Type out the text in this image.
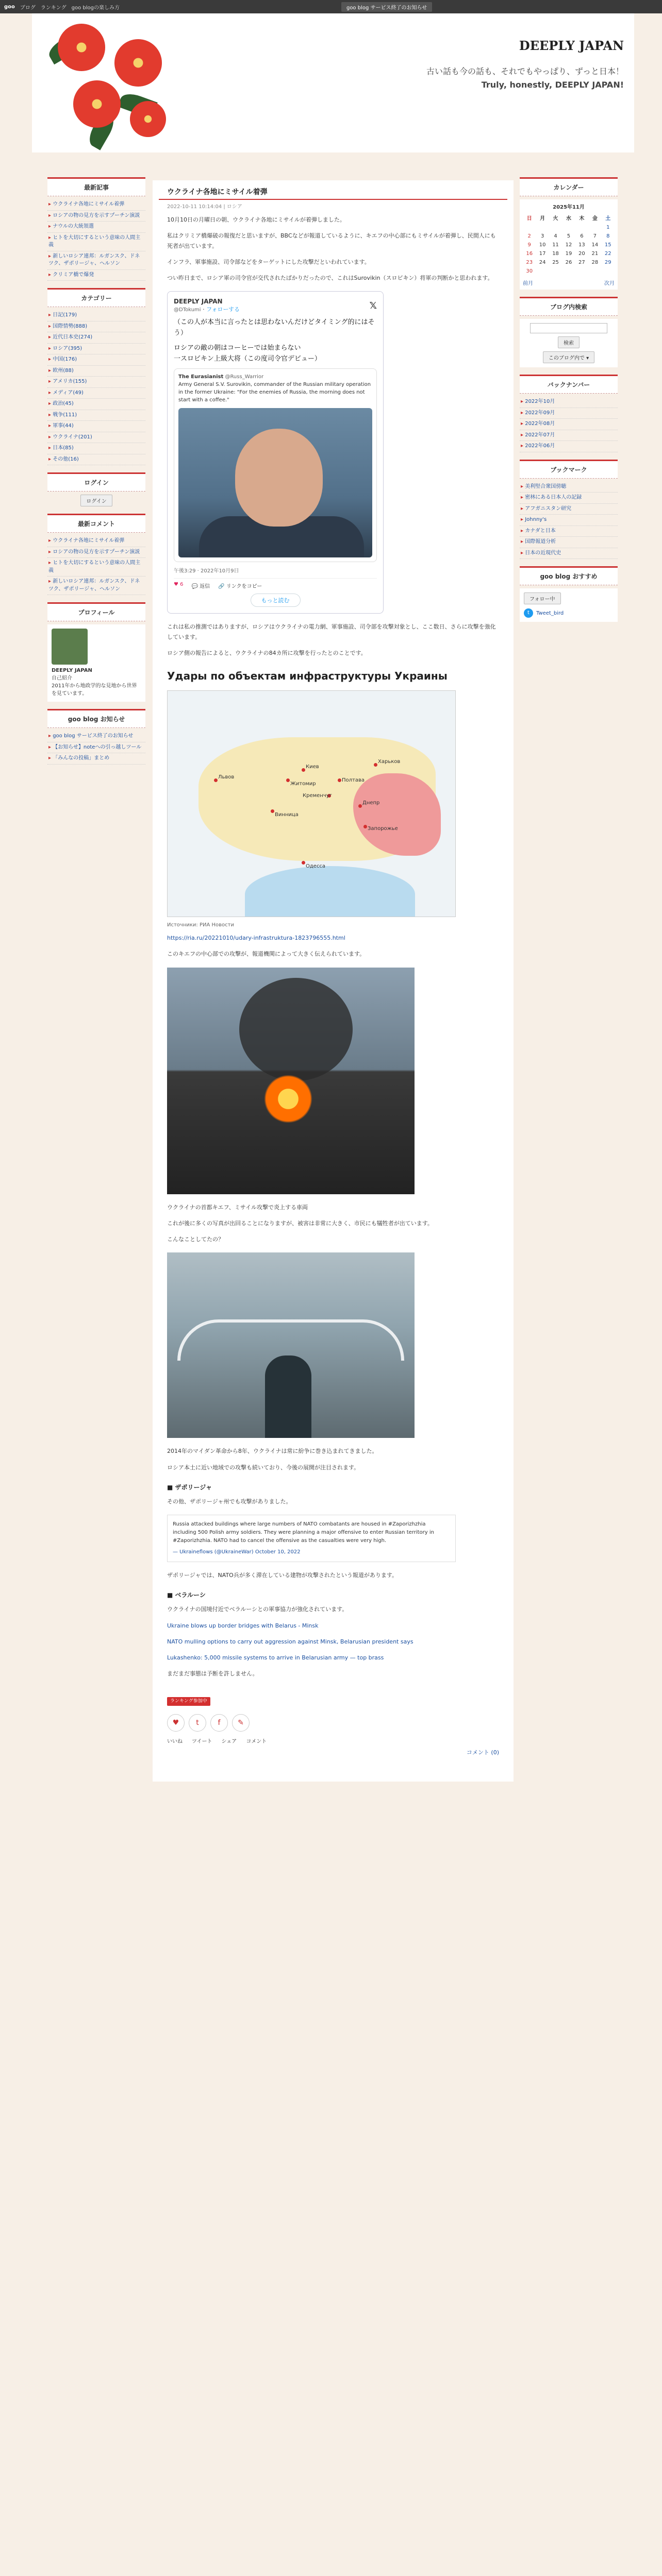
goo ブログ ランキング goo blogの楽しみ方	goo blog サービス終了のお知らせ
DEEPLY JAPAN
古い話も今の話も、それでもやっぱり、ずっと日本！
Truly, honestly, DEEPLY JAPAN!
最新記事
▸ ウクライナ各地にミサイル着弾
▸ ロシアの物の見方を示すプーチン演説
▸ ナウルの大統領選
▸ ヒトを大切にするという意味の人間主義
▸ 新しいロシア連邦：ルガンスク、ドネツク、ザポリージャ、ヘルソン
▸ クリミア橋で爆発
カテゴリー
▸ 日記(179)
▸ 国際情勢(888)
▸ 近代日本史(274)
▸ ロシア(395)
▸ 中国(176)
▸ 欧州(88)
▸ アメリカ(155)
▸ メディア(49)
▸ 政治(45)
▸ 戦争(111)
▸ 軍事(44)
▸ ウクライナ(201)
▸ 日本(85)
▸ その他(16)
ログイン
ログイン
最新コメント
▸ ウクライナ各地にミサイル着弾
▸ ロシアの物の見方を示すプーチン演説
▸ ヒトを大切にするという意味の人間主義
▸ 新しいロシア連邦：ルガンスク、ドネツク、ザポリージャ、ヘルソン
プロフィール
DEEPLY JAPAN
自己紹介
2011年から地政学的な見地から世界を見ています。
goo blog お知らせ
▸ goo blog サービス終了のお知らせ
▸ 【お知らせ】noteへの引っ越しツール
▸ 「みんなの投稿」まとめ
カレンダー
2025年11月
日	月	火	水	木	金	土
						1
2	3	4	5	6	7	8
9	10	11	12	13	14	15
16	17	18	19	20	21	22
23	24	25	26	27	28	29
30						
前月	次月
ブログ内検索
検索
このブログ内で ▾
バックナンバー
▸ 2022年10月
▸ 2022年09月
▸ 2022年08月
▸ 2022年07月
▸ 2022年06月
ブックマーク
▸ 美利堅合衆国傍聴
▸ 密林にある日本人の記録
▸ アフガニスタン研究
▸ Johnny's
▸ カナダと日本
▸ 国際報道分析
▸ 日本の近現代史
goo blog おすすめ
フォロー中
t	Tweet_bird
ウクライナ各地にミサイル着弾
2022-10-11 10:14:04 | ロシア
10月10日の月曜日の朝、ウクライナ各地にミサイルが着弾しました。
私はクリミア橋爆破の報復だと思いますが、BBCなどが報道しているように、キエフの中心部にもミサイルが着弾し、民間人にも死者が出ています。
インフラ、軍事施設、司令部などをターゲットにした攻撃だといわれています。
つい昨日まで、ロシア軍の司令官が交代されたばかりだったので、これはSurovikin（スロビキン）将軍の判断かと思われます。
DEEPLY JAPAN
@DTokumi · フォローする	𝕏
（この人が本当に言ったとは思わないんだけどタイミング的にはそう）
ロシアの敵の朝はコーヒーでは始まらない
一スロビキン上級大将（この度司令官デビュー）
The Eurasianist @Russ_Warrior
Army General S.V. Surovikin, commander of the Russian military operation in the former Ukraine: "For the enemies of Russia, the morning does not start with a coffee."
午後3:29 · 2022年10月9日
♥ 6 💬 返信 🔗 リンクをコピー
もっと読む
これは私の推測ではありますが、ロシアはウクライナの電力網、軍事施設、司令部を攻撃対象とし、ここ数日、さらに攻撃を強化しています。
ロシア側の報告によると、ウクライナの84カ所に攻撃を行ったとのことです。
Удары по объектам инфраструктуры Украины
Киев
Львов
Житомир
Винница
Харьков
Днепр
Запорожье
Одесса
Кременчуг
Полтава
Источники: РИА Новости
https://ria.ru/20221010/udary-infrastruktura-1823796555.html
このキエフの中心部での攻撃が、報道機関によって大きく伝えられています。
ウクライナの首都キエフ、ミサイル攻撃で炎上する車両
これが後に多くの写真が出回ることになりますが、被害は非常に大きく、市民にも犠牲者が出ています。
こんなことしてたの？
2014年のマイダン革命から8年、ウクライナは常に紛争に巻き込まれてきました。
ロシア本土に近い地域での攻撃も続いており、今後の展開が注目されます。
■ ザポリージャ
その他、ザポリージャ州でも攻撃がありました。
Russia attacked buildings where large numbers of NATO combatants are housed in #Zaporizhzhia including 500 Polish army soldiers. They were planning a major offensive to enter Russian territory in #Zaporizhzhia. NATO had to cancel the offensive as the casualties were very high.
— Ukraineflows (@UkraineWar) October 10, 2022
ザポリージャでは、NATO兵が多く滞在している建物が攻撃されたという報道があります。
■ ベラルーシ
ウクライナの国境付近でベラルーシとの軍事協力が強化されています。
Ukraine blows up border bridges with Belarus - Minsk
NATO mulling options to carry out aggression against Minsk, Belarusian president says
Lukashenko: 5,000 missile systems to arrive in Belarusian army — top brass
まだまだ事態は予断を許しません。
ランキング参加中
♥	t	f	✎
いいね ツイート シェア コメント
コメント (0)
